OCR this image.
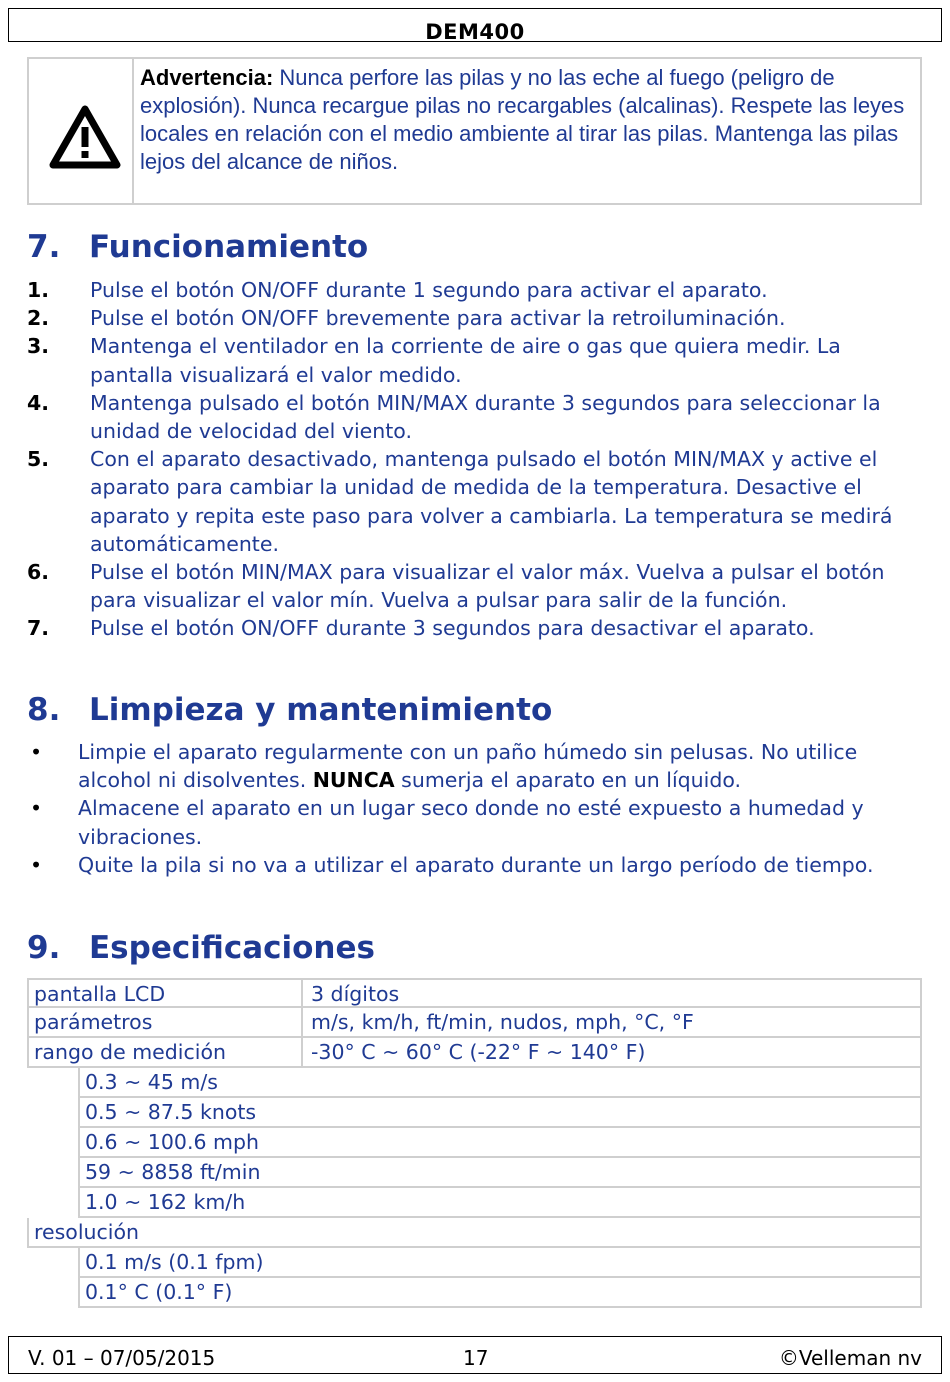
DEM400
Advertencia: Nunca perfore las pilas y no las eche al fuego (peligro de explosión). Nunca recargue pilas no recargables (alcalinas). Respete las leyes locales en relación con el medio ambiente al tirar las pilas. Mantenga las pilas lejos del alcance de niños.
7. Funcionamiento
1. Pulse el botón ON/OFF durante 1 segundo para activar el aparato.
2. Pulse el botón ON/OFF brevemente para activar la retroiluminación.
3. Mantenga el ventilador en la corriente de aire o gas que quiera medir. La pantalla visualizará el valor medido.
4. Mantenga pulsado el botón MIN/MAX durante 3 segundos para seleccionar la unidad de velocidad del viento.
5. Con el aparato desactivado, mantenga pulsado el botón MIN/MAX y active el aparato para cambiar la unidad de medida de la temperatura. Desactive el aparato y repita este paso para volver a cambiarla. La temperatura se medirá automáticamente.
6. Pulse el botón MIN/MAX para visualizar el valor máx. Vuelva a pulsar el botón para visualizar el valor mín. Vuelva a pulsar para salir de la función.
7. Pulse el botón ON/OFF durante 3 segundos para desactivar el aparato.
8. Limpieza y mantenimiento
• Limpie el aparato regularmente con un paño húmedo sin pelusas. No utilice alcohol ni disolventes. NUNCA sumerja el aparato en un líquido.
• Almacene el aparato en un lugar seco donde no esté expuesto a humedad y vibraciones.
• Quite la pila si no va a utilizar el aparato durante un largo período de tiempo.
9. Especificaciones
pantalla LCD	3 dígitos
parámetros	m/s, km/h, ft/min, nudos, mph, °C, °F
rango de medición	-30° C ~ 60° C (-22° F ~ 140° F)
0.3 ~ 45 m/s
0.5 ~ 87.5 knots
0.6 ~ 100.6 mph
59 ~ 8858 ft/min
1.0 ~ 162 km/h
resolución
0.1 m/s (0.1 fpm)
0.1° C (0.1° F)
V. 01 – 07/05/2015	17	©Velleman nv
